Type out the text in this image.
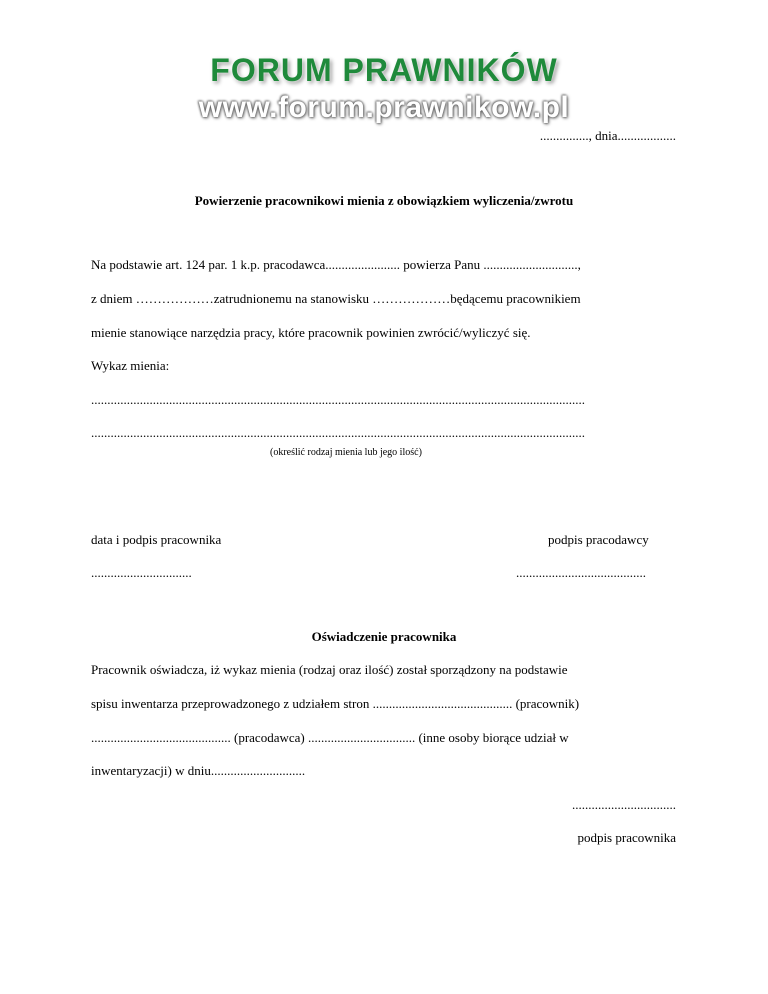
FORUM PRAWNIKÓW
www.forum.prawnikow.pl
..............., dnia..................
Powierzenie pracownikowi mienia z obowiązkiem wyliczenia/zwrotu
Na podstawie art. 124 par. 1 k.p. pracodawca....................... powierza Panu .............................,
z dniem ………………zatrudnionemu na stanowisku ………………będącemu pracownikiem
mienie stanowiące narzędzia pracy, które pracownik powinien zwrócić/wyliczyć się.
Wykaz mienia:
........................................................................................................................................................
........................................................................................................................................................
(określić rodzaj mienia lub jego ilość)
data i podpis pracownika	podpis pracodawcy
...............................	........................................
Oświadczenie pracownika
Pracownik oświadcza, iż wykaz mienia (rodzaj oraz ilość) został sporządzony na podstawie
spisu inwentarza przeprowadzonego z udziałem stron ........................................... (pracownik)
........................................... (pracodawca) ................................. (inne osoby biorące udział w
inwentaryzacji) w dniu.............................
................................
podpis pracownika
